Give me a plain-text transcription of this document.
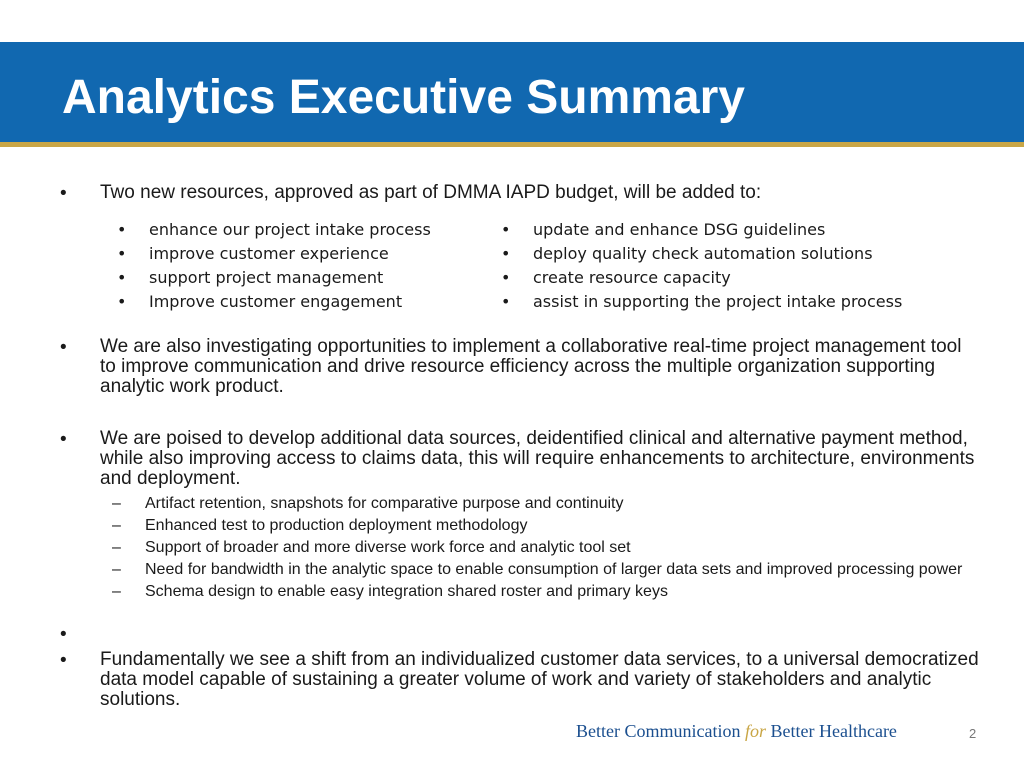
Analytics Executive Summary
• Two new resources, approved as part of DMMA IAPD budget, will be added to:
• enhance our project intake process
• improve customer experience
• support project management
• Improve customer engagement
• update and enhance DSG guidelines
• deploy quality check automation solutions
• create resource capacity
• assist in supporting the project intake process
• We are also investigating opportunities to implement a collaborative real-time project management tool to improve communication and drive resource efficiency across the multiple organization supporting analytic work product.
• We are poised to develop additional data sources, deidentified clinical and alternative payment method, while also improving access to claims data, this will require enhancements to architecture, environments and deployment.
–	Artifact retention, snapshots for comparative purpose and continuity
–	Enhanced test to production deployment methodology
–	Support of broader and more diverse work force and analytic tool set
–	Need for bandwidth in the analytic space to enable consumption of larger data sets and improved processing power
–	Schema design to enable easy integration shared roster and primary keys
•
• Fundamentally we see a shift from an individualized customer data services, to a universal democratized data model capable of sustaining a greater volume of work and variety of stakeholders and analytic solutions.
Better Communication for Better Healthcare	2
